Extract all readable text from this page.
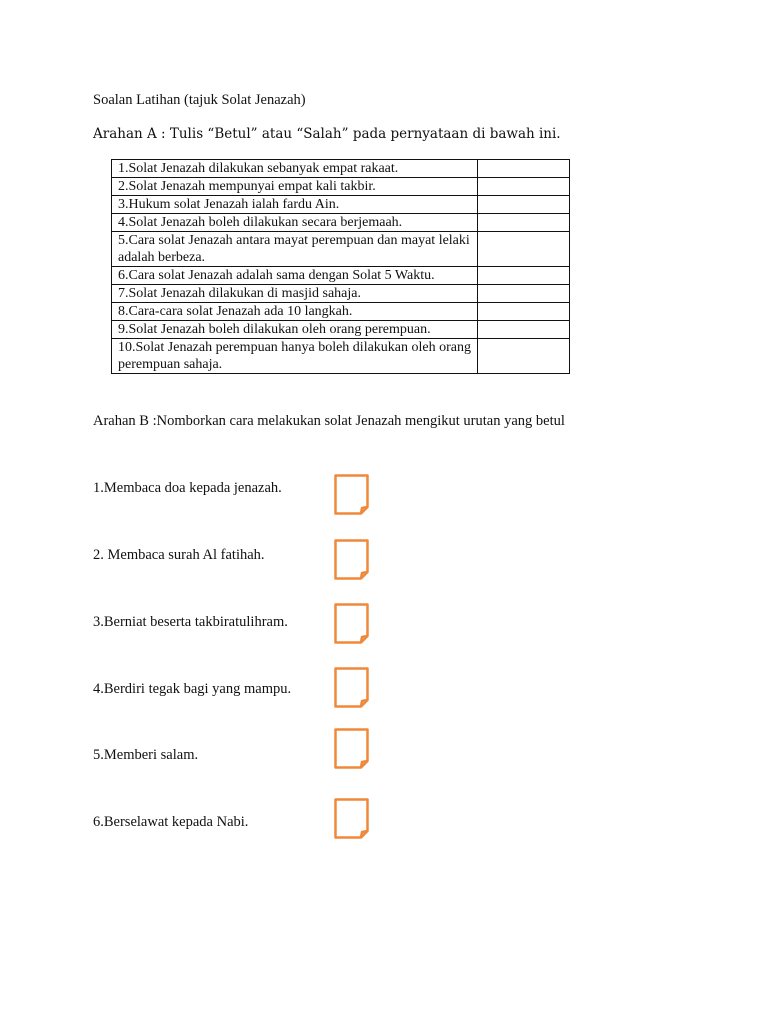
Soalan Latihan (tajuk Solat Jenazah)
Arahan A : Tulis “Betul” atau “Salah” pada pernyataan di bawah ini.
1.Solat Jenazah dilakukan sebanyak empat rakaat.	
2.Solat Jenazah mempunyai empat kali takbir.	
3.Hukum solat Jenazah ialah fardu Ain.	
4.Solat Jenazah boleh dilakukan secara berjemaah.	
5.Cara solat Jenazah antara mayat perempuan dan mayat lelaki adalah berbeza.	
6.Cara solat Jenazah adalah sama dengan Solat 5 Waktu.	
7.Solat Jenazah dilakukan di masjid sahaja.	
8.Cara-cara solat Jenazah ada 10 langkah.	
9.Solat Jenazah boleh dilakukan oleh orang perempuan.	
10.Solat Jenazah perempuan hanya boleh dilakukan oleh orang perempuan sahaja.	
Arahan B :Nomborkan cara melakukan solat Jenazah mengikut urutan yang betul
1.Membaca doa kepada jenazah.
2. Membaca surah Al fatihah.
3.Berniat beserta takbiratulihram.
4.Berdiri tegak bagi yang mampu.
5.Memberi salam.
6.Berselawat kepada Nabi.
